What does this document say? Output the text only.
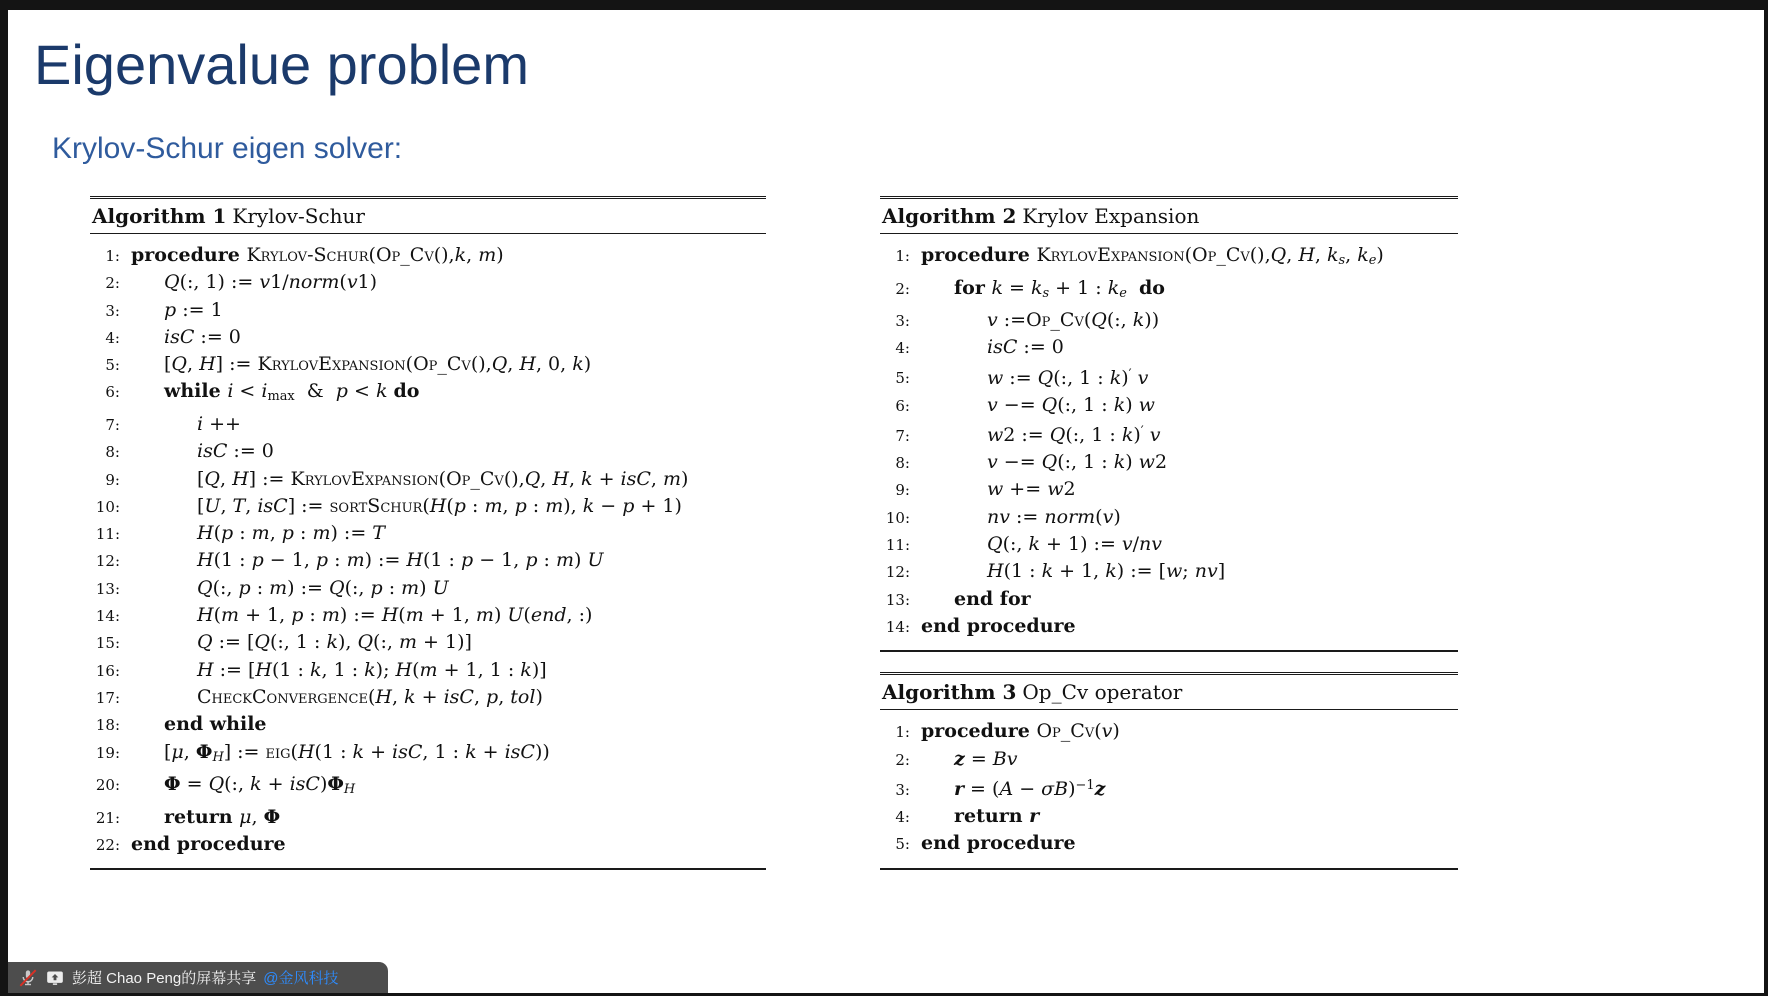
Eigenvalue problem
Krylov-Schur eigen solver:
Algorithm 1 Krylov-Schur
1: procedure Krylov-Schur(Op_Cv(),k, m)
2:	Q(:, 1) := v1/norm(v1)
3:	p := 1
4:	isC := 0
5:	[Q, H] := KrylovExpansion(Op_Cv(),Q, H, 0, k)
6:	while $i < i_{max}$  &  p < k do
7:	i ++
8:	isC := 0
9:	[Q, H] := KrylovExpansion(Op_Cv(),Q, H, k + isC, m)
10:	[U, T, isC] := sortSchur(H(p : m, p : m), k − p + 1)
11:	H(p : m, p : m) := T
12:	H(1 : p − 1, p : m) := H(1 : p − 1, p : m) U
13:	Q(:, p : m) := Q(:, p : m) U
14:	H(m + 1, p : m) := H(m + 1, m) U(end, :)
15:	Q := [Q(:, 1 : k), Q(:, m + 1)]
16:	H := [H(1 : k, 1 : k); H(m + 1, 1 : k)]
17:	CheckConvergence(H, k + isC, p, tol)
18:	end while
19:	[μ, $\Phi_H$] := eig(H(1 : k + isC, 1 : k + isC))
20:	Φ = Q(:, $k + isC)\Phi_H$
21:	return μ, Φ
22: end procedure
Algorithm 2 Krylov Expansion
1: procedure KrylovExpansion(Op_Cv(),Q, H, $k_s$, $k_e$)
2:	for $k = k_s + 1$ : $k_e$ do
3:	v :=Op_Cv(Q(:, k))
4:	isC := 0
5:	w := Q(:, 1 : k)′ v
6:	v −= Q(:, 1 : k) w
7:	w2 := Q(:, 1 : k)′ v
8:	v −= Q(:, 1 : k) w2
9:	w += w2
10:	nv := norm(v)
11:	Q(:, k + 1) := v/nv
12:	H(1 : k + 1, k) := [w; nv]
13:	end for
14: end procedure
Algorithm 3 Op_Cv operator
1: procedure Op_Cv(v)
2:	z = Bv
3:	$r = (A - \sigma B)^{-1}z$
4:	return r
5: end procedure
彭超 Chao Peng的屏幕共享 @金风科技
